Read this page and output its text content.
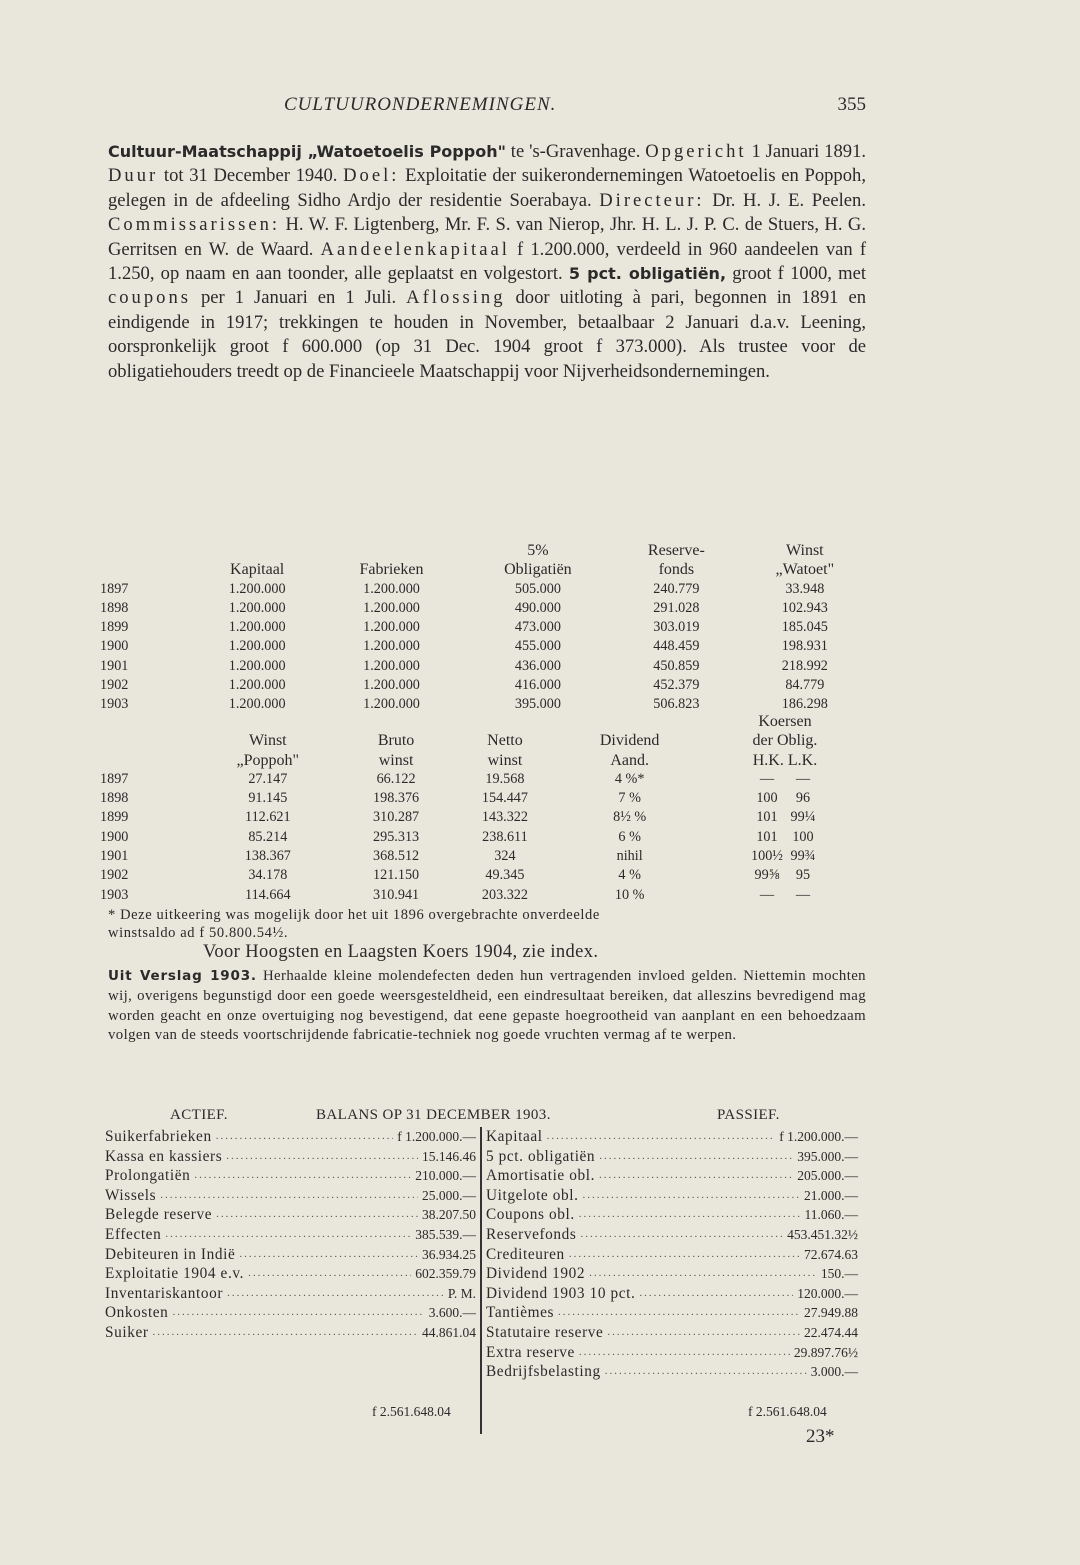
CULTUURONDERNEMINGEN.	355

Cultuur-Maatschappij „Watoetoelis Poppoh" te 's-Gravenhage. Opgericht 1 Januari 1891. Duur tot 31 December 1940. Doel: Exploitatie der suikerondernemingen Watoetoelis en Poppoh, gelegen in de afdeeling Sidho Ardjo der residentie Soerabaya. Directeur: Dr. H. J. E. Peelen. Commissarissen: H. W. F. Ligtenberg, Mr. F. S. van Nierop, Jhr. H. L. J. P. C. de Stuers, H. G. Gerritsen en W. de Waard. Aandeelenkapitaal f 1.200.000, verdeeld in 960 aandeelen van f 1.250, op naam en aan toonder, alle geplaatst en volgestort. 5 pct. obligatiën, groot f 1000, met coupons per 1 Januari en 1 Juli. Aflossing door uitloting à pari, begonnen in 1891 en eindigende in 1917; trekkingen te houden in November, betaalbaar 2 Januari d.a.v. Leening, oorspronkelijk groot f 600.000 (op 31 Dec. 1904 groot f 373.000). Als trustee voor de obligatiehouders treedt op de Financieele Maatschappij voor Nijverheidsondernemingen.

			5%	Reserve-	Winst
	Kapitaal	Fabrieken	Obligatiën	fonds	„Watoet"
1897	1.200.000	1.200.000	505.000	240.779	33.948
1898	1.200.000	1.200.000	490.000	291.028	102.943
1899	1.200.000	1.200.000	473.000	303.019	185.045
1900	1.200.000	1.200.000	455.000	448.459	198.931
1901	1.200.000	1.200.000	436.000	450.859	218.992
1902	1.200.000	1.200.000	416.000	452.379	84.779
1903	1.200.000	1.200.000	395.000	506.823	186.298
					Koersen
	Winst	Bruto	Netto	Dividend	der Oblig.
	„Poppoh"	winst	winst	Aand.	H.K. L.K.
1897	27.147	66.122	19.568	4 %*	— —
1898	91.145	198.376	154.447	7 %	100 96
1899	112.621	310.287	143.322	8½ %	101 99¼
1900	85.214	295.313	238.611	6 %	101 100
1901	138.367	368.512	324	nihil	100½ 99¾
1902	34.178	121.150	49.345	4 %	99⅝ 95
1903	114.664	310.941	203.322	10 %	— —

* Deze uitkeering was mogelijk door het uit 1896 overgebrachte onverdeelde

winstsaldo ad f 50.800.54½.

Voor Hoogsten en Laagsten Koers 1904, zie index.

Uit Verslag 1903. Herhaalde kleine molendefecten deden hun vertragenden invloed gelden. Niettemin mochten wij, overigens begunstigd door een goede weersgesteldheid, een eindresultaat bereiken, dat alleszins bevredigend mag worden geacht en onze overtuiging nog bevestigend, dat eene gepaste hoegrootheid van aanplant en een behoedzaam volgen van de steeds voortschrijdende fabricatie-techniek nog goede vruchten vermag af te werpen.

ACTIEF.	BALANS OP 31 DECEMBER 1903.	PASSIEF.
Suikerfabrieken .....	f 1.200.000.—
Kassa en kassiers .....	15.146.46
Prolongatiën .....	210.000.—
Wissels .....	25.000.—
Belegde reserve .....	38.207.50
Effecten .....	385.539.—
Debiteuren in Indië .....	36.934.25
Exploitatie 1904 e.v. .....	602.359.79
Inventariskantoor .....	P. M.
Onkosten .....	3.600.—
Suiker .....	44.861.04
Kapitaal .....	f 1.200.000.—
5 pct. obligatiën .....	395.000.—
Amortisatie obl. .....	205.000.—
Uitgelote obl. .....	21.000.—
Coupons obl. .....	11.060.—
Reservefonds .....	453.451.32½
Crediteuren .....	72.674.63
Dividend 1902 .....	150.—
Dividend 1903 10 pct. .....	120.000.—
Tantièmes .....	27.949.88
Statutaire reserve .....	22.474.44
Extra reserve .....	29.897.76½
Bedrijfsbelasting .....	3.000.—
f 2.561.648.04	f 2.561.648.04
23*
